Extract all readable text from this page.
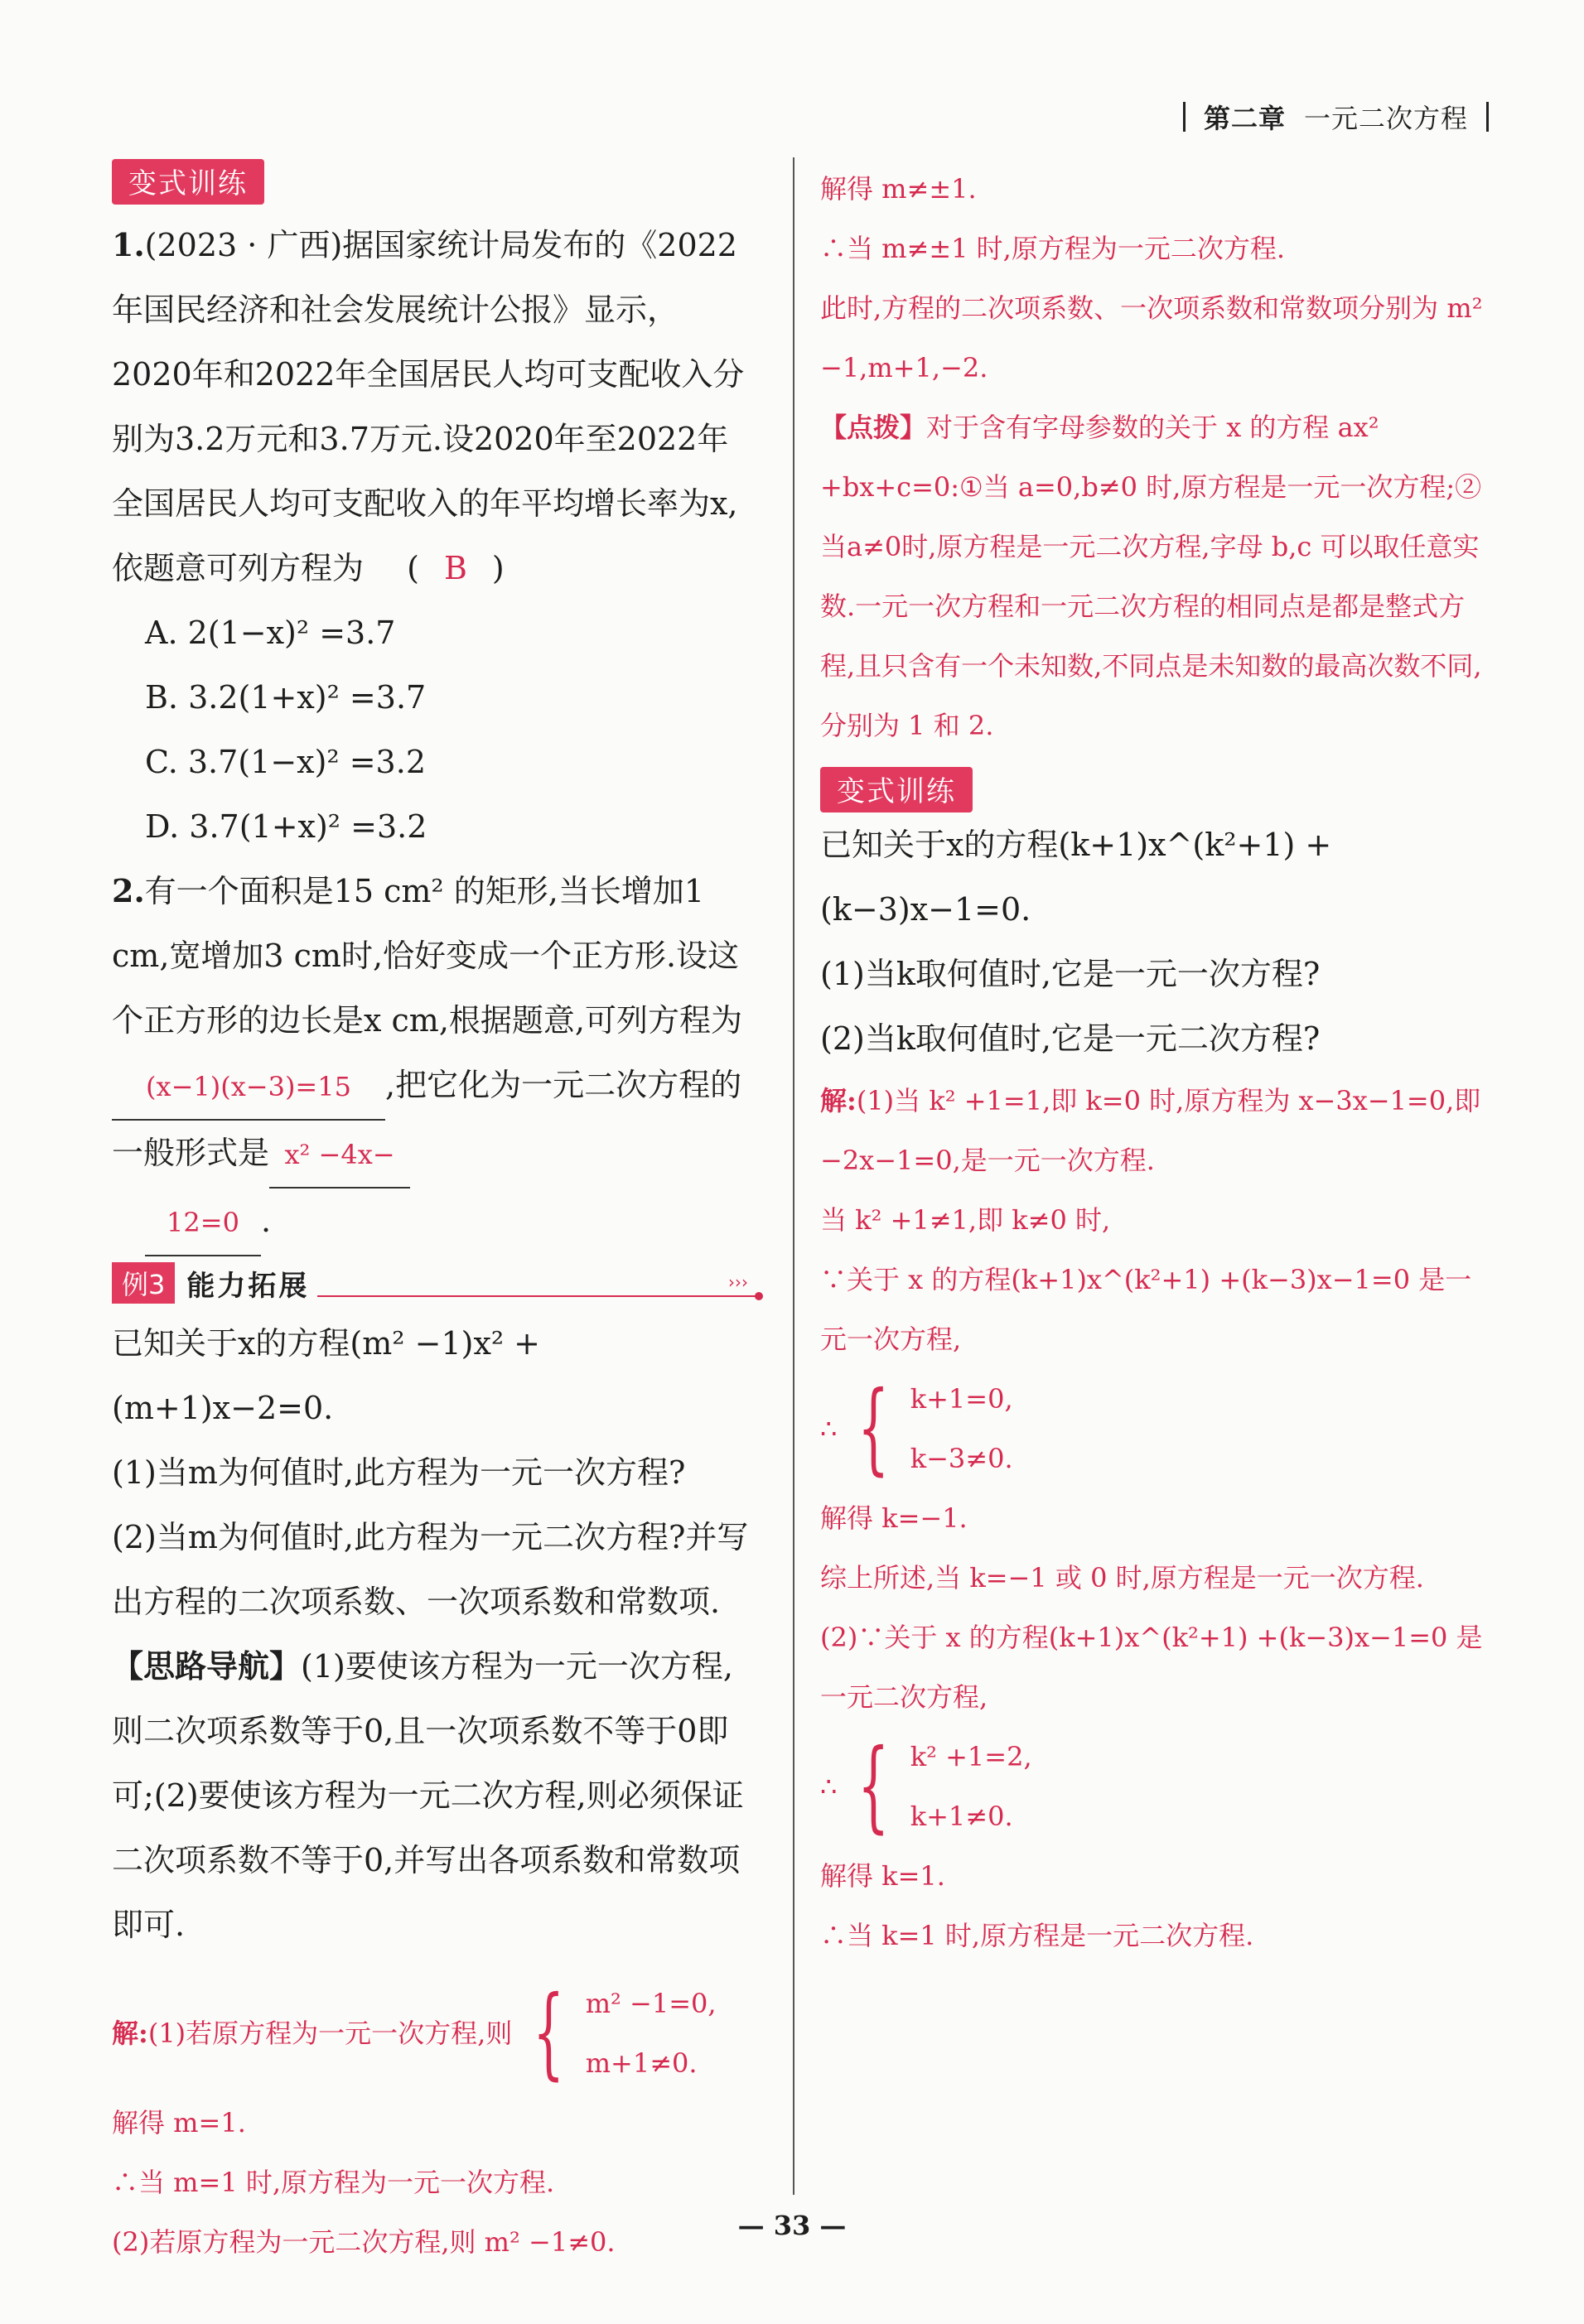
第二章 一元二次方程
变式训练
1.(2023 · 广西)据国家统计局发布的《2022年国民经济和社会发展统计公报》显示，2020年和2022年全国居民人均可支配收入分别为3.2万元和3.7万元.设2020年至2022年全国居民人均可支配收入的年平均增长率为x,依题意可列方程为 ( B )
A. 2(1−x)² =3.7
B. 3.2(1+x)² =3.7
C. 3.7(1−x)² =3.2
D. 3.7(1+x)² =3.2
2.有一个面积是15 cm² 的矩形,当长增加1 cm,宽增加3 cm时,恰好变成一个正方形.设这个正方形的边长是x cm,根据题意,可列方程为 (x−1)(x−3)=15 ,把它化为一元二次方程的一般形式是 x² −4x−
12=0 .
例3 能力拓展	›››
已知关于x的方程(m² −1)x² +(m+1)x−2=0.
(1)当m为何值时,此方程为一元一次方程?
(2)当m为何值时,此方程为一元二次方程?并写出方程的二次项系数、一次项系数和常数项.
【思路导航】(1)要使该方程为一元一次方程,则二次项系数等于0,且一次项系数不等于0即可;(2)要使该方程为一元二次方程,则必须保证二次项系数不等于0,并写出各项系数和常数项即可.
解: (1)若原方程为一元一次方程,则 { m² −1=0,
m+1≠0.
解得 m=1.
∴当 m=1 时,原方程为一元一次方程.
(2)若原方程为一元二次方程,则 m² −1≠0.
解得 m≠±1.
∴当 m≠±1 时,原方程为一元二次方程.
此时,方程的二次项系数、一次项系数和常数项分别为 m² −1,m+1,−2.
【点拨】对于含有字母参数的关于 x 的方程 ax² +bx+c=0:①当 a=0,b≠0 时,原方程是一元一次方程;②当a≠0时,原方程是一元二次方程,字母 b,c 可以取任意实数.一元一次方程和一元二次方程的相同点是都是整式方程,且只含有一个未知数,不同点是未知数的最高次数不同,分别为 1 和 2.
变式训练
已知关于x的方程(k+1)x^(k²+1) +(k−3)x−1=0.
(1)当k取何值时,它是一元一次方程?
(2)当k取何值时,它是一元二次方程?
解:(1)当 k² +1=1,即 k=0 时,原方程为 x−3x−1=0,即 −2x−1=0,是一元一次方程.
当 k² +1≠1,即 k≠0 时,
∵关于 x 的方程(k+1)x^(k²+1) +(k−3)x−1=0 是一元一次方程,
∴ { k+1=0,
k−3≠0.
解得 k=−1.
综上所述,当 k=−1 或 0 时,原方程是一元一次方程.
(2)∵关于 x 的方程(k+1)x^(k²+1) +(k−3)x−1=0 是一元二次方程,
∴ { k² +1=2,
k+1≠0.
解得 k=1.
∴当 k=1 时,原方程是一元二次方程.
— 33 —
